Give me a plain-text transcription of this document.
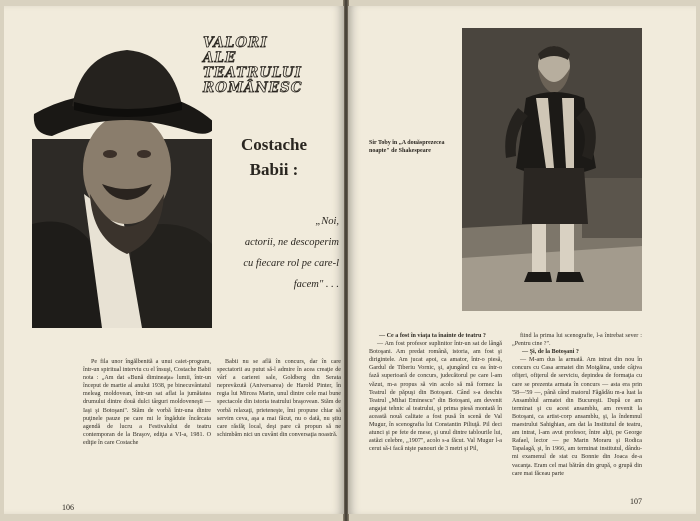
VALORI
ALE
TEATRULUI
ROMÂNESC
Costache
Babii :
„Noi,
actorii, ne descoperim
cu fiecare rol pe care-l
facem" . . .

Pe fila unor îngălbenită a unui caiet-program, într-un spiritual interviu cu el însuşi, Costache Babii nota : „Am dat «Bună dimineaţa» lumii, într-un început de martie al anului 1938, pe binecuvântatul meleag moldovean, într-un sat aflat la jumătatea drumului dintre două dulci târguri moldoveneşti — Iaşi şi Botoşani". Stăm de vorbă într-una dintre puţinele pauze pe care mi le îngăduie încărcata agendă de lucru a Festivalului de teatru contemporan de la Braşov, ediţia a VI-a, 1981. O ediţie în care Costache

Babii nu se află în concurs, dar în care spectatorii au putut să-l admire în acea creaţie de vârf a carierei sale, Goldberg din Serata neprevăzută (Aniversarea) de Harold Pinter, în regia lui Mircea Marin, unul dintre cele mai bune spectacole din istoria teatrului braşovean. Stăm de vorbă relaxaţi, prieteneşte, îmi propune chiar să servim ceva, aşa a mai făcut, nu o dată, nu ştiu care răsfăţ local, deşi pare că propun să ne schimbăm nici un cuvânt din conversaţia noastră.

106
Sir Toby în „A douăsprezecea
noapte" de Shakespeare

— Ce a fost în viaţa ta înainte de teatru ?

— Am fost profesor suplinitor într-un sat de lângă Botoşani. Am predat română, istoria, am fost şi dirigintele. Am jucat apoi, ca amator, într-o piesă, Gardul de Tiberiu Vornic, şi, ajungând cu ea într-o fază superioară de concurs, judecătorul pe care l-am văzut, m-a propus să vin acolo să mă formez la Teatrul de păpuşi din Botoşani. Când s-a deschis Teatrul „Mihai Eminescu" din Botoşani, am devenit angajat tehnic al teatrului, şi prima piesă montată în această nouă calitate a fost pusă în scenă de Val Mugur, în scenografia lui Constantin Piliuţă. Pil deci atunci şi pe fete de mese, şi unul dintre tablourile lui, astăzi celebre, „1907", acolo s-a făcut. Val Mugur l-a cerut să-i facă nişte panouri de 3 metri şi Pil,

fiind la prima lui scenografie, l-a întrebat sever : „Pentru cine ?".

— Şi, de la Botoşani ?

— M-am dus la armată. Am intrat din nou în concurs cu Casa armatei din Moigăina, unde câţiva ofiţeri, ofiţerul de serviciu, depindea de formaţia cu care se prezenta armata în concurs — asta era prin '58—'59 —, până când maiorul Făgădău m-a luat la Ansamblul armatei din Bucureşti. După ce am terminat şi cu acest ansamblu, am revenit la Botoşani, ca artist-corp ansamblu, şi, la îndemnul maestrului Sahighian, am dat la Institutul de teatru, am intrat, l-am avut profesor, între alţii, pe George Rafael, lector — pe Marin Moraru şi Rodica Tapalagă, şi, în 1966, am terminat institutul, dându-mi examenul de stat cu Bonnie din Joaca de-a vacanţa. Eram cel mai bătrân din grupă, o grupă din care mai făceau parte

107
